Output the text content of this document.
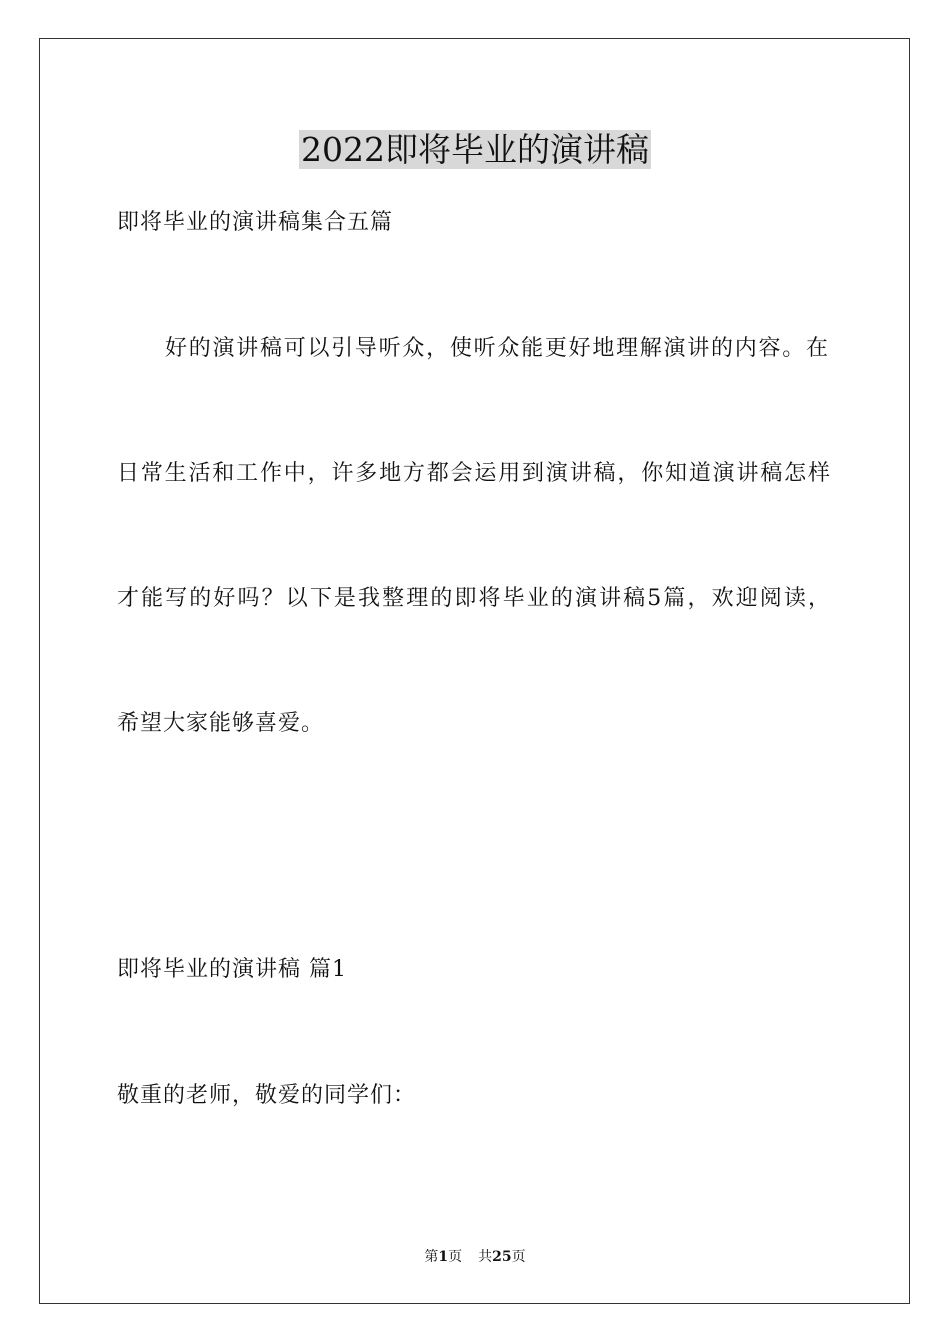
2022即将毕业的演讲稿

即将毕业的演讲稿集合五篇

好的演讲稿可以引导听众，使听众能更好地理解演讲的内容。在

日常生活和工作中，许多地方都会运用到演讲稿，你知道演讲稿怎样

才能写的好吗？以下是我整理的即将毕业的演讲稿5篇，欢迎阅读，

希望大家能够喜爱。

即将毕业的演讲稿 篇1

敬重的老师，敬爱的同学们：

第1页 共25页
